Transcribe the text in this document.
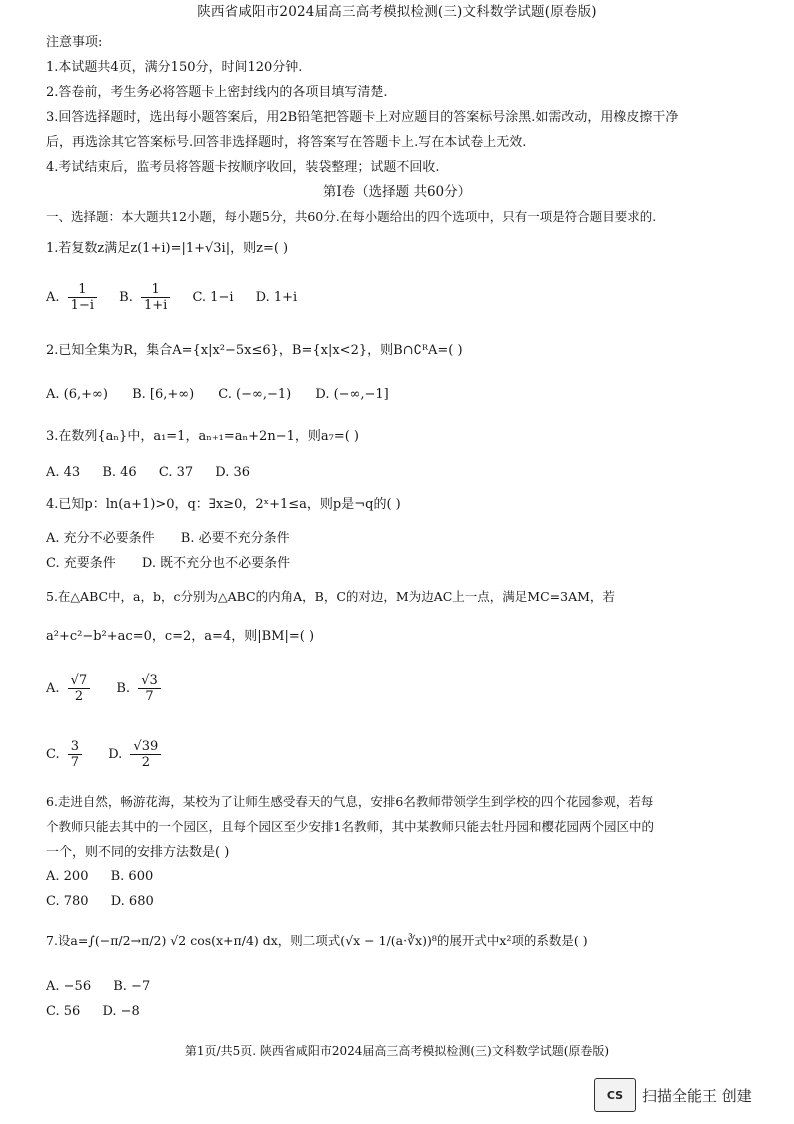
陕西省咸阳市2024届高三高考模拟检测(三)文科数学试题(原卷版)
注意事项:
1.本试题共4页，满分150分，时间120分钟.
2.答卷前，考生务必将答题卡上密封线内的各项目填写清楚.
3.回答选择题时，选出每小题答案后，用2B铅笔把答题卡上对应题目的答案标号涂黑.如需改动，用橡皮擦干净
后，再选涂其它答案标号.回答非选择题时，将答案写在答题卡上.写在本试卷上无效.
4.考试结束后，监考员将答题卡按顺序收回，装袋整理；试题不回收.
第Ⅰ卷（选择题 共60分）
一、选择题：本大题共12小题，每小题5分，共60分.在每小题给出的四个选项中，只有一项是符合题目要求的.
1.若复数z满足z(1+i)=|1+√3i|，则z=( )
A. $\frac{1}{1-i} B$. $\frac{1}{1+i} C$. 1−i D. 1+i
2.已知全集为R，集合A={x|x²−5x≤6}，B={x|x<2}，则B∩∁ᴿA=( )
A. (6,+∞) B. [6,+∞) C. (−∞,−1) D. (−∞,−1]
3.在数列{aₙ}中，a₁=1，aₙ₊₁=aₙ+2n−1，则a₇=( )
A. 43 B. 46 C. 37 D. 36
4.已知p：ln(a+1)>0，q：∃x≥0，2ˣ+1≤a，则p是¬q的( )
A. 充分不必要条件 B. 必要不充分条件
C. 充要条件 D. 既不充分也不必要条件
5.在△ABC中，a，b，c分别为△ABC的内角A，B，C的对边，M为边AC上一点，满足MC=3AM，若
a²+c²−b²+ac=0，c=2，a=4，则|BM|=( )
A. $\frac{√7}{2} B$. $\frac{√3}{7}$
C. $\frac{3}{7} D$. $\frac{√39}{2}$
6.走进自然，畅游花海，某校为了让师生感受春天的气息，安排6名教师带领学生到学校的四个花园参观，若每
个教师只能去其中的一个园区，且每个园区至少安排1名教师，其中某教师只能去牡丹园和樱花园两个园区中的
一个，则不同的安排方法数是( )
A. 200 B. 600
C. 780 D. 680
7.设a=∫(−π/2→π/2) √2 cos(x+π/4) dx，则二项式(√x − 1/(a·∛x))⁸的展开式中x²项的系数是( )
A. −56 B. −7
C. 56 D. −8
第1页/共5页. 陕西省咸阳市2024届高三高考模拟检测(三)文科数学试题(原卷版)
CS	扫描全能王 创建
